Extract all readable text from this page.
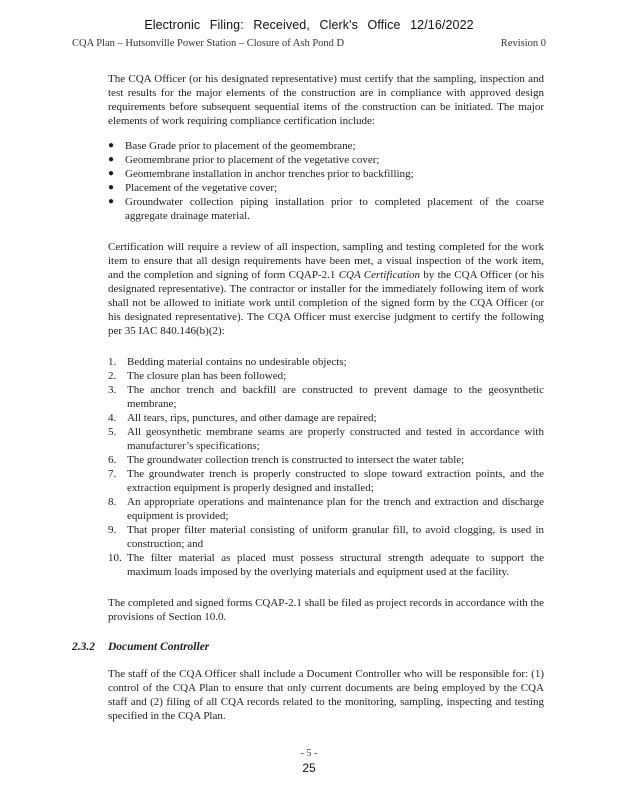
Electronic Filing: Received, Clerk's Office 12/16/2022
CQA Plan – Hutsonville Power Station – Closure of Ash Pond D	Revision 0

The CQA Officer (or his designated representative) must certify that the sampling, inspection and test results for the major elements of the construction are in compliance with approved design requirements before subsequent sequential items of the construction can be initiated. The major elements of work requiring compliance certification include:

● Base Grade prior to placement of the geomembrane;
● Geomembrane prior to placement of the vegetative cover;
● Geomembrane installation in anchor trenches prior to backfilling;
● Placement of the vegetative cover;
● Groundwater collection piping installation prior to completed placement of the coarse aggregate drainage material.

Certification will require a review of all inspection, sampling and testing completed for the work item to ensure that all design requirements have been met, a visual inspection of the work item, and the completion and signing of form CQAP-2.1 CQA Certification by the CQA Officer (or his designated representative). The contractor or installer for the immediately following item of work shall not be allowed to initiate work until completion of the signed form by the CQA Officer (or his designated representative). The CQA Officer must exercise judgment to certify the following per 35 IAC 840.146(b)(2):

1. Bedding material contains no undesirable objects;
2. The closure plan has been followed;
3. The anchor trench and backfill are constructed to prevent damage to the geosynthetic membrane;
4. All tears, rips, punctures, and other damage are repaired;
5. All geosynthetic membrane seams are properly constructed and tested in accordance with manufacturer’s specifications;
6. The groundwater collection trench is constructed to intersect the water table;
7. The groundwater trench is properly constructed to slope toward extraction points, and the extraction equipment is properly designed and installed;
8. An appropriate operations and maintenance plan for the trench and extraction and discharge equipment is provided;
9. That proper filter material consisting of uniform granular fill, to avoid clogging, is used in construction; and
10. The filter material as placed must possess structural strength adequate to support the maximum loads imposed by the overlying materials and equipment used at the facility.

The completed and signed forms CQAP-2.1 shall be filed as project records in accordance with the provisions of Section 10.0.

2.3.2 Document Controller

The staff of the CQA Officer shall include a Document Controller who will be responsible for: (1) control of the CQA Plan to ensure that only current documents are being employed by the CQA staff and (2) filing of all CQA records related to the monitoring, sampling, inspecting and testing specified in the CQA Plan.

- 5 -
25
